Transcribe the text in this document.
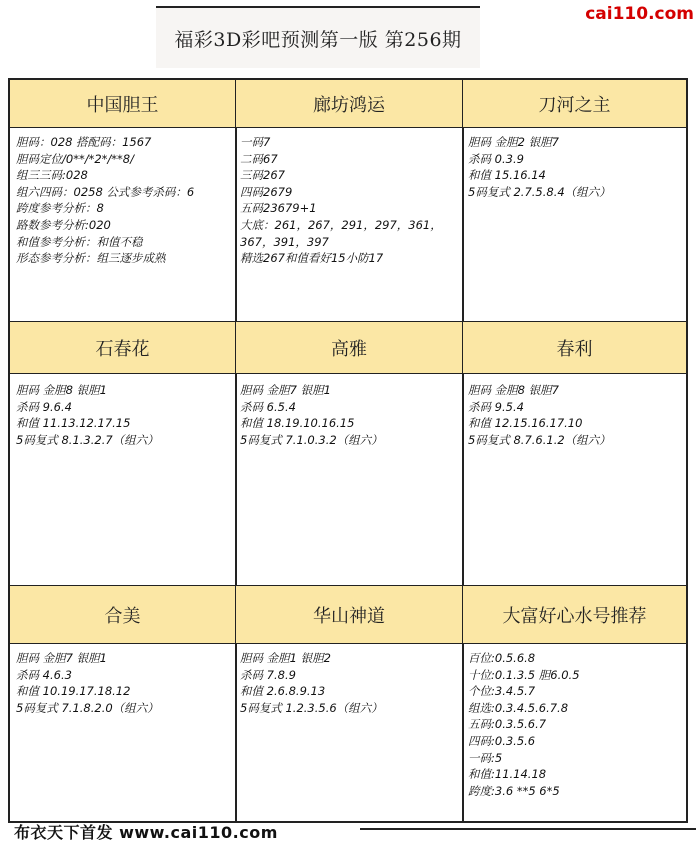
cai110.com
福彩3D彩吧预测第一版 第256期
中国胆王
胆码：028 搭配码：1567
胆码定位/0**/*2*/**8/
组三三码:028
组六四码：0258 公式参考杀码：6
跨度参考分析：8
路数参考分析:020
和值参考分析：和值不稳
形态参考分析：组三逐步成熟
廊坊鸿运
一码7
二码67
三码267
四码2679
五码23679+1
大底：261，267，291，297，361，367，391，397
精选267和值看好15小防17
刀河之主
胆码 金胆2 银胆7
杀码 0.3.9
和值 15.16.14
5码复式 2.7.5.8.4（组六）
石春花
胆码 金胆8 银胆1
杀码 9.6.4
和值 11.13.12.17.15
5码复式 8.1.3.2.7（组六）
高雅
胆码 金胆7 银胆1
杀码 6.5.4
和值 18.19.10.16.15
5码复式 7.1.0.3.2（组六）
春利
胆码 金胆8 银胆7
杀码 9.5.4
和值 12.15.16.17.10
5码复式 8.7.6.1.2（组六）
合美
胆码 金胆7 银胆1
杀码 4.6.3
和值 10.19.17.18.12
5码复式 7.1.8.2.0（组六）
华山神道
胆码 金胆1 银胆2
杀码 7.8.9
和值 2.6.8.9.13
5码复式 1.2.3.5.6（组六）
大富好心水号推荐
百位:0.5.6.8
十位:0.1.3.5 胆6.0.5
个位:3.4.5.7
组选:0.3.4.5.6.7.8
五码:0.3.5.6.7
四码:0.3.5.6
一码:5
和值:11.14.18
跨度:3.6 **5 6*5
布衣天下首发 www.cai110.com
